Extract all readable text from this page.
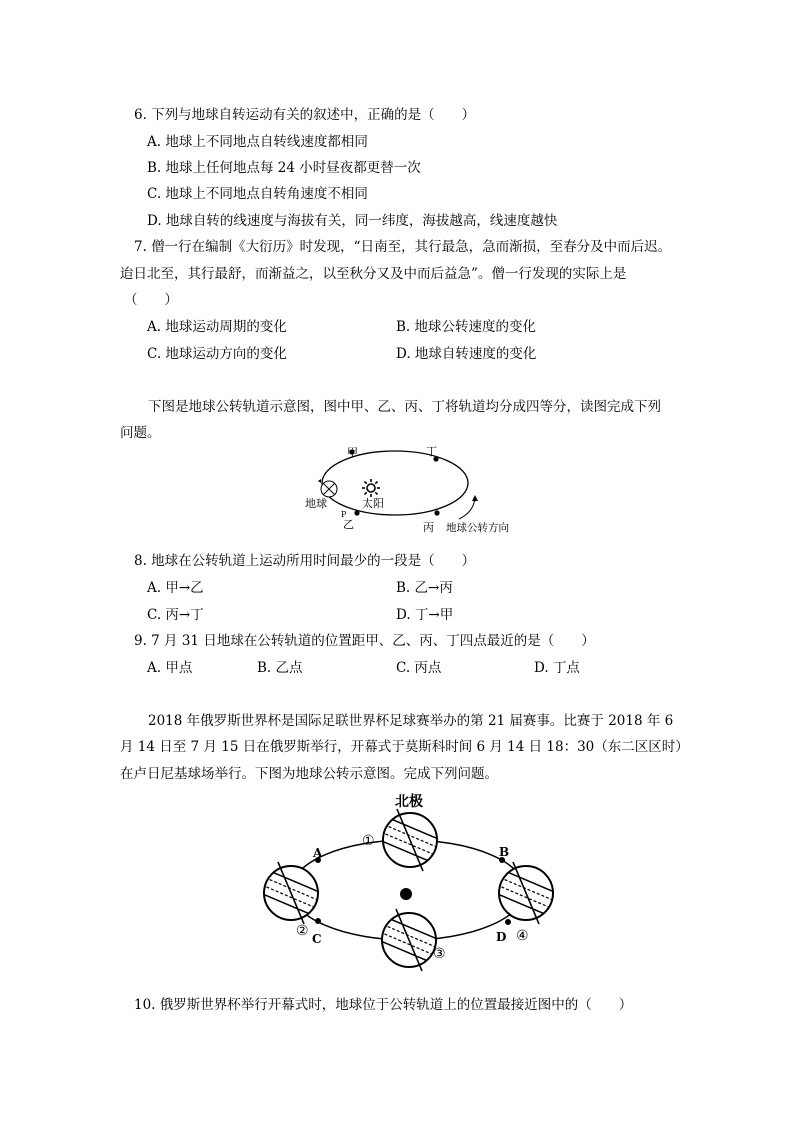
6. 下列与地球自转运动有关的叙述中，正确的是（　　）
A. 地球上不同地点自转线速度都相同
B. 地球上任何地点每 24 小时昼夜都更替一次
C. 地球上不同地点自转角速度不相同
D. 地球自转的线速度与海拔有关，同一纬度，海拔越高，线速度越快
7. 僧一行在编制《大衍历》时发现，“日南至，其行最急，急而渐损，至春分及中而后迟。
迨日北至，其行最舒，而渐益之，以至秋分又及中而后益急”。僧一行发现的实际上是
（　　）
A. 地球运动周期的变化	B. 地球公转速度的变化
C. 地球运动方向的变化	D. 地球自转速度的变化
下图是地球公转轨道示意图，图中甲、乙、丙、丁将轨道均分成四等分，读图完成下列
问题。
甲	丁
乙	丙
P
地球	太阳
地球公转方向
8. 地球在公转轨道上运动所用时间最少的一段是（　　）
A. 甲→乙	B. 乙→丙
C. 丙→丁	D. 丁→甲
9. 7 月 31 日地球在公转轨道的位置距甲、乙、丙、丁四点最近的是（　　）
A. 甲点	B. 乙点	C. 丙点	D. 丁点
2018 年俄罗斯世界杯是国际足联世界杯足球赛举办的第 21 届赛事。比赛于 2018 年 6
月 14 日至 7 月 15 日在俄罗斯举行，开幕式于莫斯科时间 6 月 14 日 18：30（东二区区时）
在卢日尼基球场举行。下图为地球公转示意图。完成下列问题。
A	B
C	D
北极
①
②
③
④
10. 俄罗斯世界杯举行开幕式时，地球位于公转轨道上的位置最接近图中的（　　）
